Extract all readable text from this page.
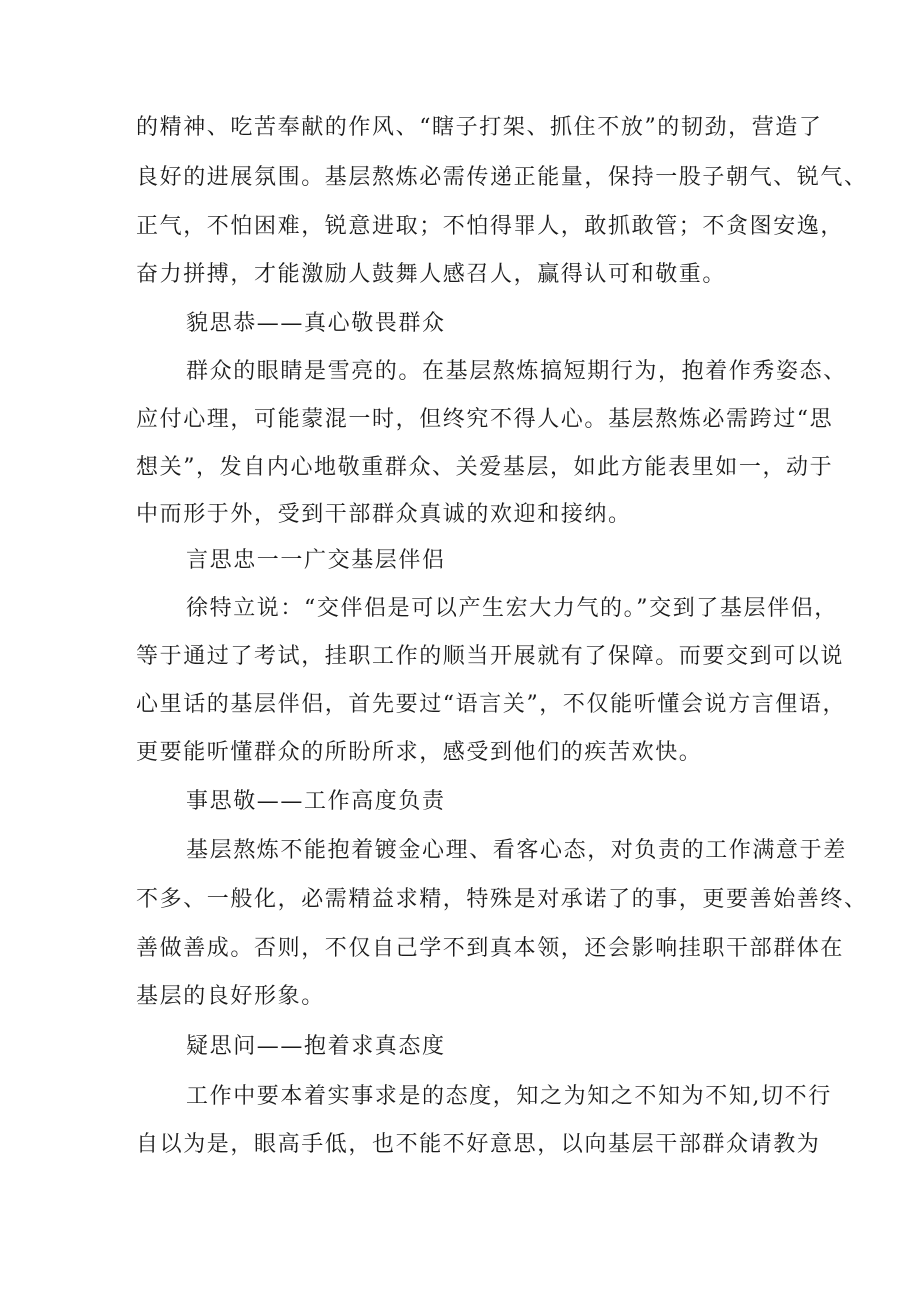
的精神、吃苦奉献的作风、“瞎子打架、抓住不放”的韧劲，营造了
良好的进展氛围。基层熬炼必需传递正能量，保持一股子朝气、锐气、
正气，不怕困难，锐意进取；不怕得罪人，敢抓敢管；不贪图安逸，
奋力拼搏，才能激励人鼓舞人感召人，赢得认可和敬重。
貌思恭——真心敬畏群众
群众的眼睛是雪亮的。在基层熬炼搞短期行为，抱着作秀姿态、
应付心理，可能蒙混一时，但终究不得人心。基层熬炼必需跨过“思
想关”，发自内心地敬重群众、关爱基层，如此方能表里如一，动于
中而形于外，受到干部群众真诚的欢迎和接纳。
言思忠一一广交基层伴侣
徐特立说：“交伴侣是可以产生宏大力气的。”交到了基层伴侣，
等于通过了考试，挂职工作的顺当开展就有了保障。而要交到可以说
心里话的基层伴侣，首先要过“语言关”，不仅能听懂会说方言俚语，
更要能听懂群众的所盼所求，感受到他们的疾苦欢快。
事思敬——工作高度负责
基层熬炼不能抱着镀金心理、看客心态，对负责的工作满意于差
不多、一般化，必需精益求精，特殊是对承诺了的事，更要善始善终、
善做善成。否则，不仅自己学不到真本领，还会影响挂职干部群体在
基层的良好形象。
疑思问——抱着求真态度
工作中要本着实事求是的态度，知之为知之不知为不知,切不行
自以为是，眼高手低，也不能不好意思，以向基层干部群众请教为
